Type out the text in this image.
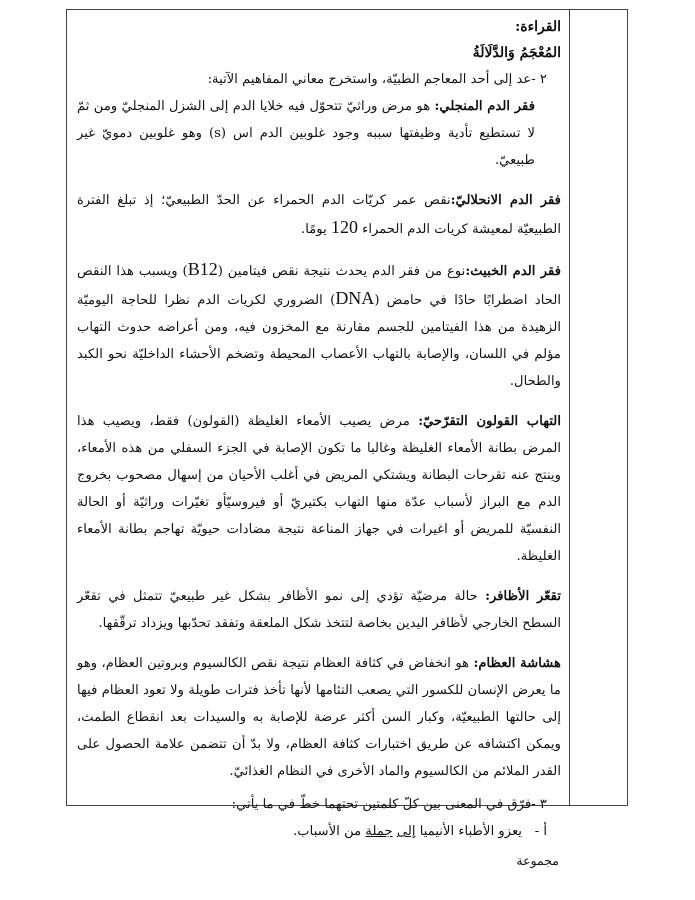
القراءة:

المُعْجَمُ وَالدَّلَالَةُ

٢ -عد إلى أحد المعاجم الطبيّة، واستخرج معاني المفاهيم الآتية:

فقر الدم المنجلي: هو مرض وراثيّ تتحوّل فيه خلايا الدم إلى الشزل المنجليّ ومن ثمّ لا تستطيع تأدية وظيفتها سببه وجود غلوبين الدم اس (s) وهو غلوبين دمويّ غير طبيعيّ.

فقر الدم الانحلاليّ:نقص عمر كريّات الدم الحمراء عن الحدّ الطبيعيّ؛ إذ تبلغ الفترة الطبيعيّة لمعيشة كريات الدم الحمراء 120 يومًا.

فقر الدم الخبيث:نوع من فقر الدم يحدث نتيجة نقص فيتامين (B12) ويسبب هذا النقص الحاد اضطرابًا حادًا في حامض (DNA) الضروري لكريات الدم نظرا للحاجة اليوميّة الزهيدة من هذا الفيتامين للجسم مقارنة مع المخزون فيه، ومن أعراضه حدوث التهاب مؤلم في اللسان، والإصابة بالتهاب الأعصاب المحيطة وتضخم الأحشاء الداخليّة نحو الكبد والطحال.

التهاب القولون التقرّحيّ: مرض يصيب الأمعاء الغليظة (القولون) فقط، ويصيب هذا المرض بطانة الأمعاء الغليظة وغالبا ما تكون الإصابة في الجزء السفلي من هذه الأمعاء، وينتج عنه تقرحات البطانة ويشتكي المريض في أغلب الأحيان من إسهال مصحوب بخروج الدم مع البراز لأسباب عدّة منها التهاب بكتيريّ أو فيروسيّأو تغيّرات وراثيّة أو الحالة النفسيّة للمريض أو اغيرات في جهاز المناعة نتيجة مضادات حيويّة تهاجم بطانة الأمعاء الغليظة.

تقعّر الأظافر: حالة مرضيّة تؤدي إلى نمو الأظافر بشكل غير طبيعيّ تتمثل في تقعّر السطح الخارجي لأظافر اليدين بخاصة لتتخذ شكل الملعقة وتفقد تحدّبها ويزداد ترقّقها.

هشاشة العظام: هو انخفاض في كثافة العظام نتيجة نقص الكالسيوم وبروتين العظام، وهو ما يعرض الإنسان للكسور التي يصعب التئامها لأنها تأخذ فترات طويلة ولا تعود العظام فيها إلى حالتها الطبيعيّة، وكبار السن أكثر عرضة للإصابة به والسيدات بعد انقطاع الطمث، ويمكن اكتشافه عن طريق اختبارات كثافة العظام، ولا بدّ أن تتضمن علامة الحصول على القدر الملائم من الكالسيوم والماد الأخرى في النظام الغذائيّ.

٣ -فرّق في المعنى بين كلّ كلمتين تحتهما خطّ في ما يأتي:

أ -   يعزو الأطباء الأنيميا إلى جملة من الأسباب.

مجموعة
